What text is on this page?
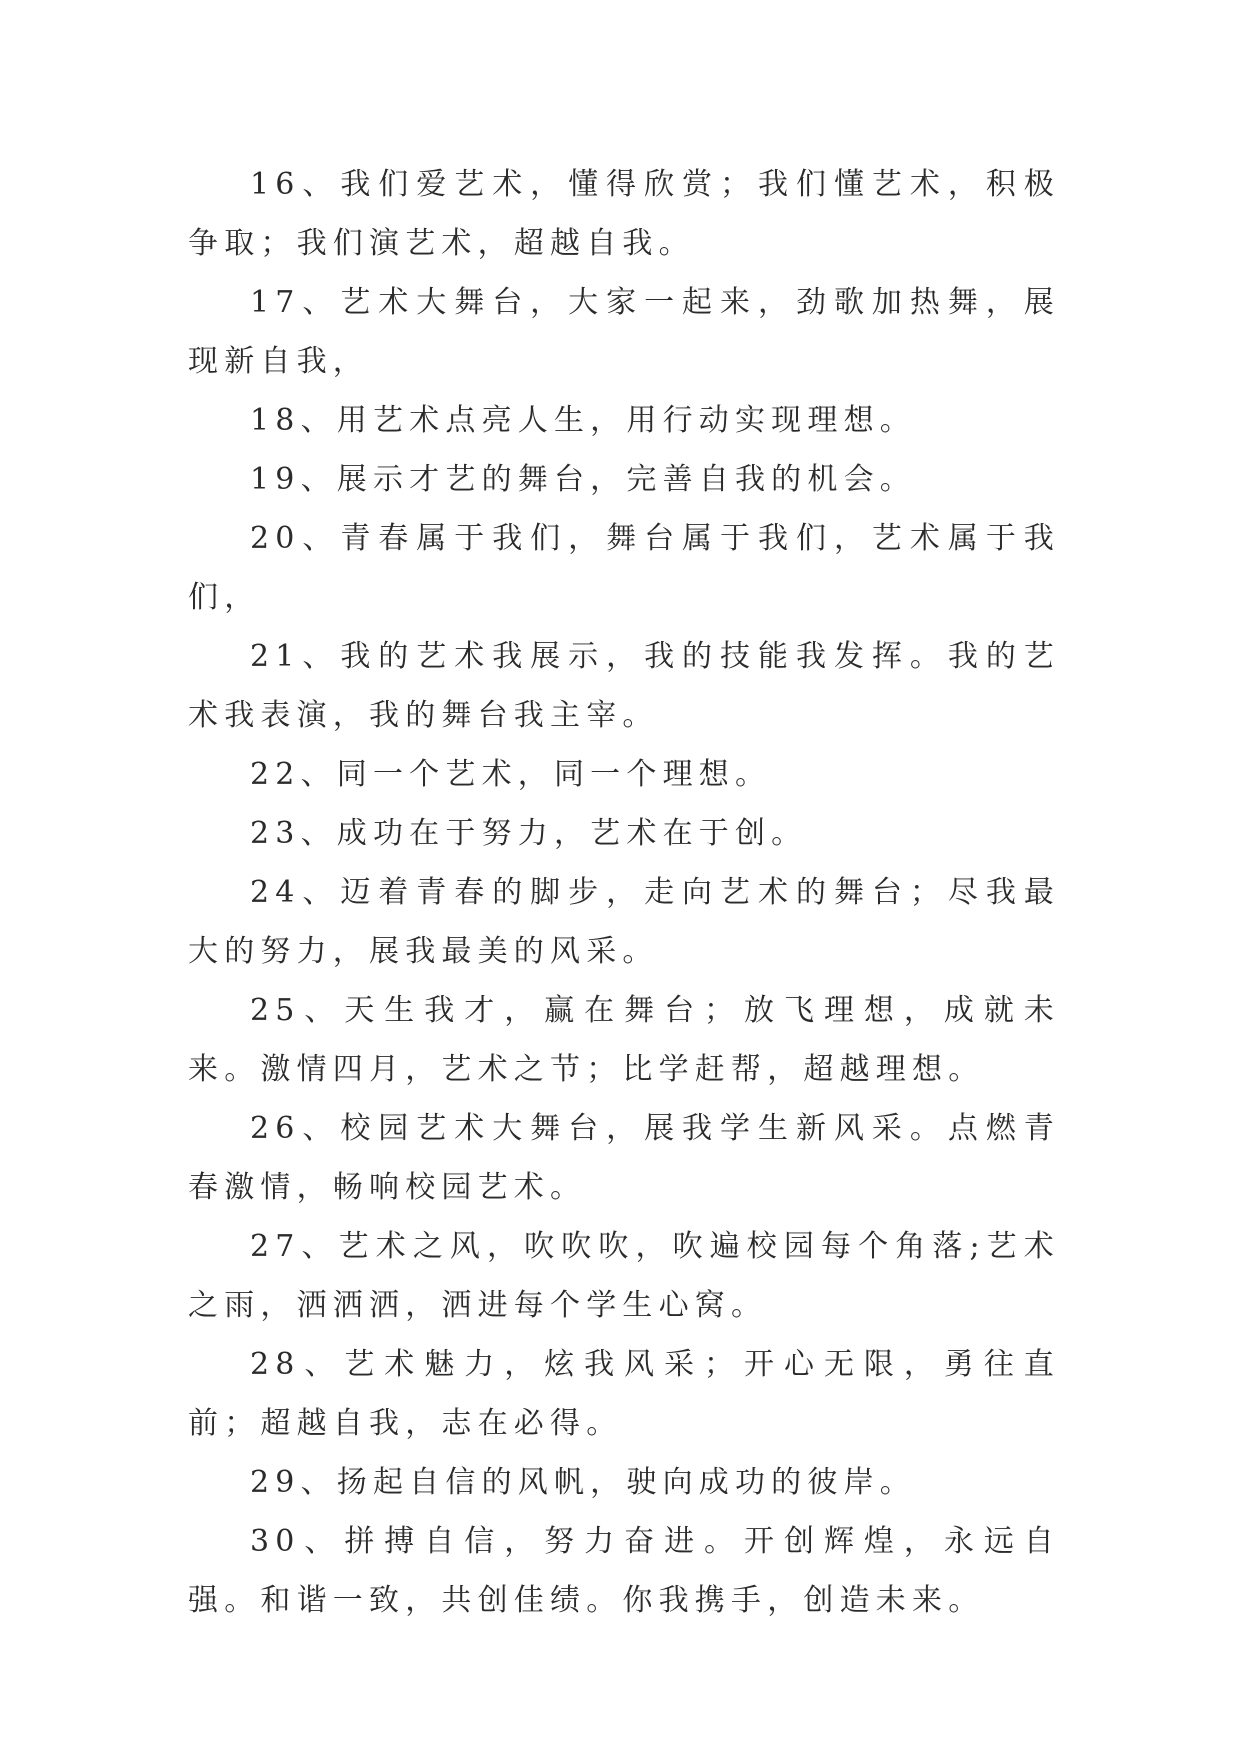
16、我们爱艺术，懂得欣赏；我们懂艺术，积极争取；我们演艺术，超越自我。

17、艺术大舞台，大家一起来，劲歌加热舞，展现新自我，

18、用艺术点亮人生，用行动实现理想。

19、展示才艺的舞台，完善自我的机会。

20、青春属于我们，舞台属于我们，艺术属于我们，

21、我的艺术我展示，我的技能我发挥。我的艺术我表演，我的舞台我主宰。

22、同一个艺术，同一个理想。

23、成功在于努力，艺术在于创。

24、迈着青春的脚步，走向艺术的舞台；尽我最大的努力，展我最美的风采。

25、天生我才，赢在舞台；放飞理想，成就未来。激情四月，艺术之节；比学赶帮，超越理想。

26、校园艺术大舞台，展我学生新风采。点燃青春激情，畅响校园艺术。

27、艺术之风，吹吹吹，吹遍校园每个角落;艺术之雨，洒洒洒，洒进每个学生心窝。

28、艺术魅力，炫我风采；开心无限，勇往直前；超越自我，志在必得。

29、扬起自信的风帆，驶向成功的彼岸。

30、拼搏自信，努力奋进。开创辉煌，永远自强。和谐一致，共创佳绩。你我携手，创造未来。
